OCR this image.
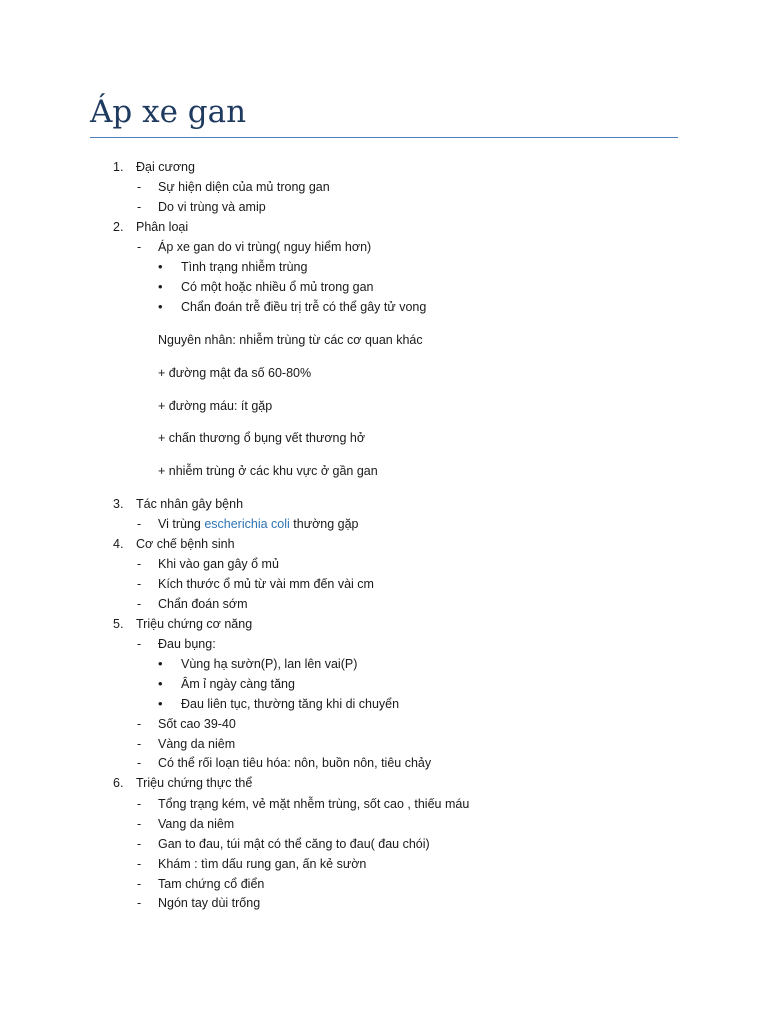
Áp xe gan
1. Đại cương
- Sự hiện diện của mủ trong gan
- Do vi trùng và amip
2. Phân loại
- Áp xe gan do vi trùng( nguy hiểm hơn)
• Tình trạng nhiễm trùng
• Có một hoặc nhiều ổ mủ trong gan
• Chẩn đoán trễ điều trị trễ có thể gây tử vong
Nguyên nhân: nhiễm trùng từ các cơ quan khác
+ đường mật đa số 60-80%
+ đường máu: ít gặp
+ chấn thương ổ bụng vết thương hở
+ nhiễm trùng ở các khu vực ở gần gan
3. Tác nhân gây bệnh
- Vi trùng escherichia coli thường gặp
4. Cơ chế bệnh sinh
- Khi vào gan gây ổ mủ
- Kích thước ổ mủ từ vài mm đến vài cm
- Chẩn đoán sớm
5. Triệu chứng cơ năng
- Đau bụng:
• Vùng hạ sườn(P), lan lên vai(P)
• Âm ỉ ngày càng tăng
• Đau liên tục, thường tăng khi di chuyển
- Sốt cao 39-40
- Vàng da niêm
- Có thể rối loạn tiêu hóa: nôn, buồn nôn, tiêu chảy
6. Triệu chứng thực thể
- Tổng trạng kém, vẻ mặt nhễm trùng, sốt cao , thiếu máu
- Vang da niêm
- Gan to đau, túi mật có thể căng to đau( đau chói)
- Khám : tìm dấu rung gan, ấn kẻ sườn
- Tam chứng cổ điển
- Ngón tay dùi trống
